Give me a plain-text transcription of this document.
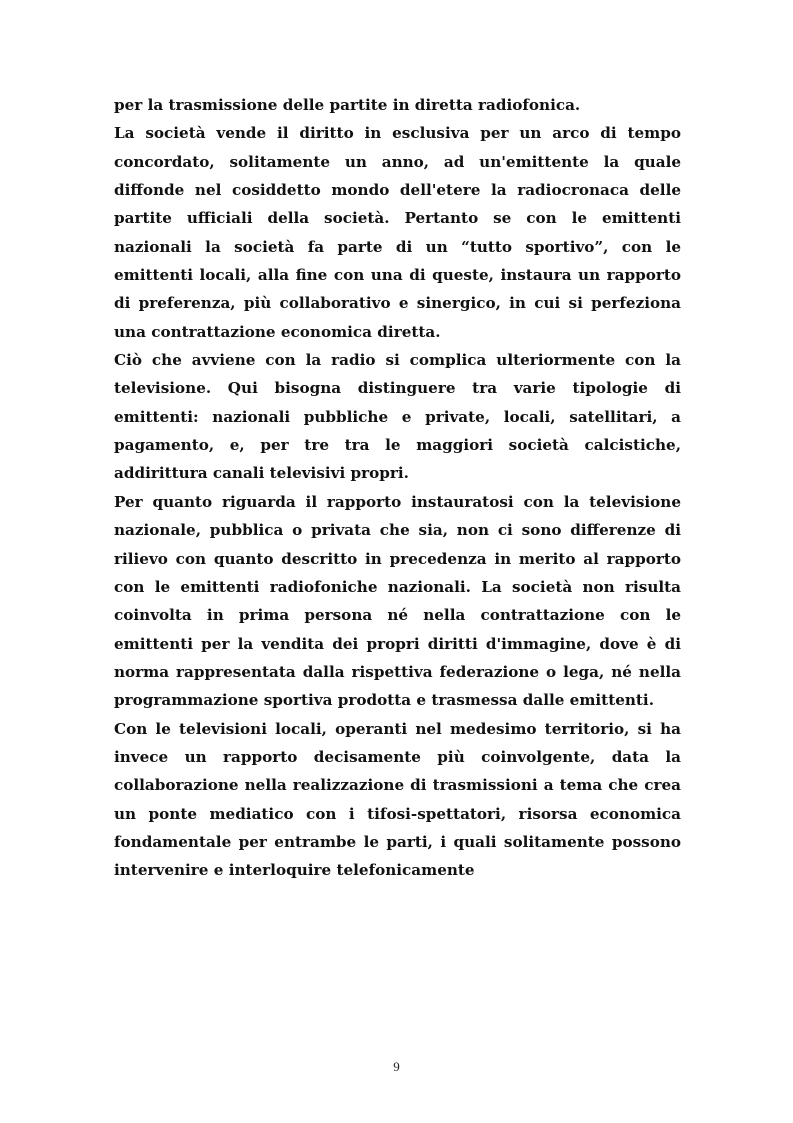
per la trasmissione delle partite in diretta radiofonica.

La società vende il diritto in esclusiva per un arco di tempo concordato, solitamente un anno, ad un'emittente la quale diffonde nel cosiddetto mondo dell'etere la radiocronaca delle partite ufficiali della società. Pertanto se con le emittenti nazionali la società fa parte di un “tutto sportivo”, con le emittenti locali, alla fine con una di queste, instaura un rapporto di preferenza, più collaborativo e sinergico, in cui si perfeziona una contrattazione economica diretta.

Ciò che avviene con la radio si complica ulteriormente con la televisione. Qui bisogna distinguere tra varie tipologie di emittenti: nazionali pubbliche e private, locali, satellitari, a pagamento, e, per tre tra le maggiori società calcistiche, addirittura canali televisivi propri.

Per quanto riguarda il rapporto instauratosi con la televisione nazionale, pubblica o privata che sia, non ci sono differenze di rilievo con quanto descritto in precedenza in merito al rapporto con le emittenti radiofoniche nazionali. La società non risulta coinvolta in prima persona né nella contrattazione con le emittenti per la vendita dei propri diritti d'immagine, dove è di norma rappresentata dalla rispettiva federazione o lega, né nella programmazione sportiva prodotta e trasmessa dalle emittenti.

Con le televisioni locali, operanti nel medesimo territorio, si ha invece un rapporto decisamente più coinvolgente, data la collaborazione nella realizzazione di trasmissioni a tema che crea un ponte mediatico con i tifosi-spettatori, risorsa economica fondamentale per entrambe le parti, i quali solitamente possono intervenire e interloquire telefonicamente

9
